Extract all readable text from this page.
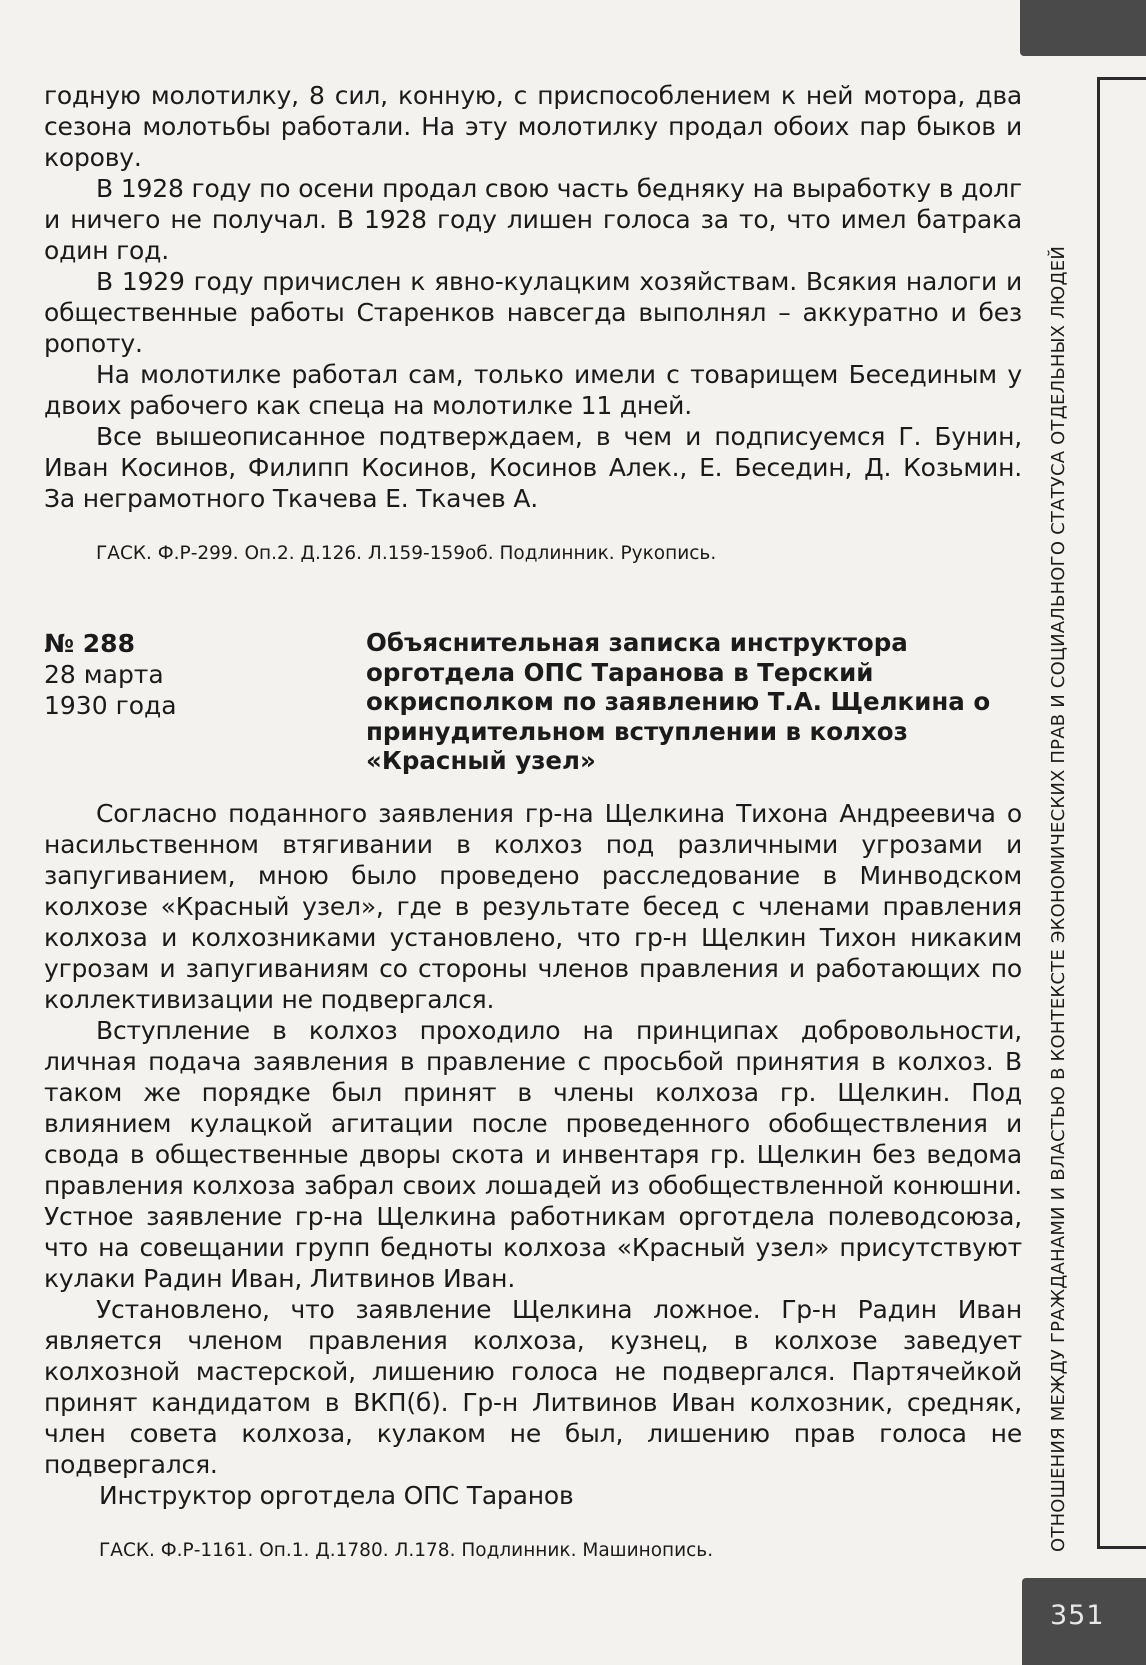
годную молотилку, 8 сил, конную, с приспособлением к ней мотора, два сезона молотьбы работали. На эту молотилку продал обоих пар быков и корову.

В 1928 году по осени продал свою часть бедняку на выработку в долг и ничего не получал. В 1928 году лишен голоса за то, что имел батрака один год.

В 1929 году причислен к явно-кулацким хозяйствам. Всякия налоги и общественные работы Старенков навсегда выполнял – аккуратно и без ропоту.

На молотилке работал сам, только имели с товарищем Бесединым у двоих рабочего как спеца на молотилке 11 дней.

Все вышеописанное подтверждаем, в чем и подписуемся Г. Бунин, Иван Косинов, Филипп Косинов, Косинов Алек., Е. Беседин, Д. Козьмин. За неграмотного Ткачева Е. Ткачев А.

ГАСК. Ф.Р-299. Оп.2. Д.126. Л.159-159об. Подлинник. Рукопись.

№ 288
28 марта
1930 года
Объяснительная записка инструктора орготдела ОПС Таранова в Терский окрисполком по заявлению Т.А. Щелкина о принудительном вступлении в колхоз «Красный узел»

Согласно поданного заявления гр-на Щелкина Тихона Андреевича о насильственном втягивании в колхоз под различными угрозами и запугиванием, мною было проведено расследование в Минводском колхозе «Красный узел», где в результате бесед с членами правления колхоза и колхозниками установлено, что гр-н Щелкин Тихон никаким угрозам и запугиваниям со стороны членов правления и работающих по коллективизации не подвергался.

Вступление в колхоз проходило на принципах добровольности, личная подача заявления в правление с просьбой принятия в колхоз. В таком же порядке был принят в члены колхоза гр. Щелкин. Под влиянием кулацкой агитации после проведенного обобществления и свода в общественные дворы скота и инвентаря гр. Щелкин без ведома правления колхоза забрал своих лошадей из обобществленной конюшни. Устное заявление гр-на Щелкина работникам орготдела полеводсоюза, что на совещании групп бедноты колхоза «Красный узел» присутствуют кулаки Радин Иван, Литвинов Иван.

Установлено, что заявление Щелкина ложное. Гр-н Радин Иван является членом правления колхоза, кузнец, в колхозе заведует колхозной мастерской, лишению голоса не подвергался. Партячейкой принят кандидатом в ВКП(б). Гр-н Литвинов Иван колхозник, средняк, член совета колхоза, кулаком не был, лишению прав голоса не подвергался.

Инструктор орготдела ОПС Таранов

ГАСК. Ф.Р-1161. Оп.1. Д.1780. Л.178. Подлинник. Машинопись.	ОТНОШЕНИЯ МЕЖДУ ГРАЖДАНАМИ И ВЛАСТЬЮ В КОНТЕКСТЕ ЭКОНОМИЧЕСКИХ ПРАВ И СОЦИАЛЬНОГО СТАТУСА ОТДЕЛЬНЫХ ЛЮДЕЙ
351
